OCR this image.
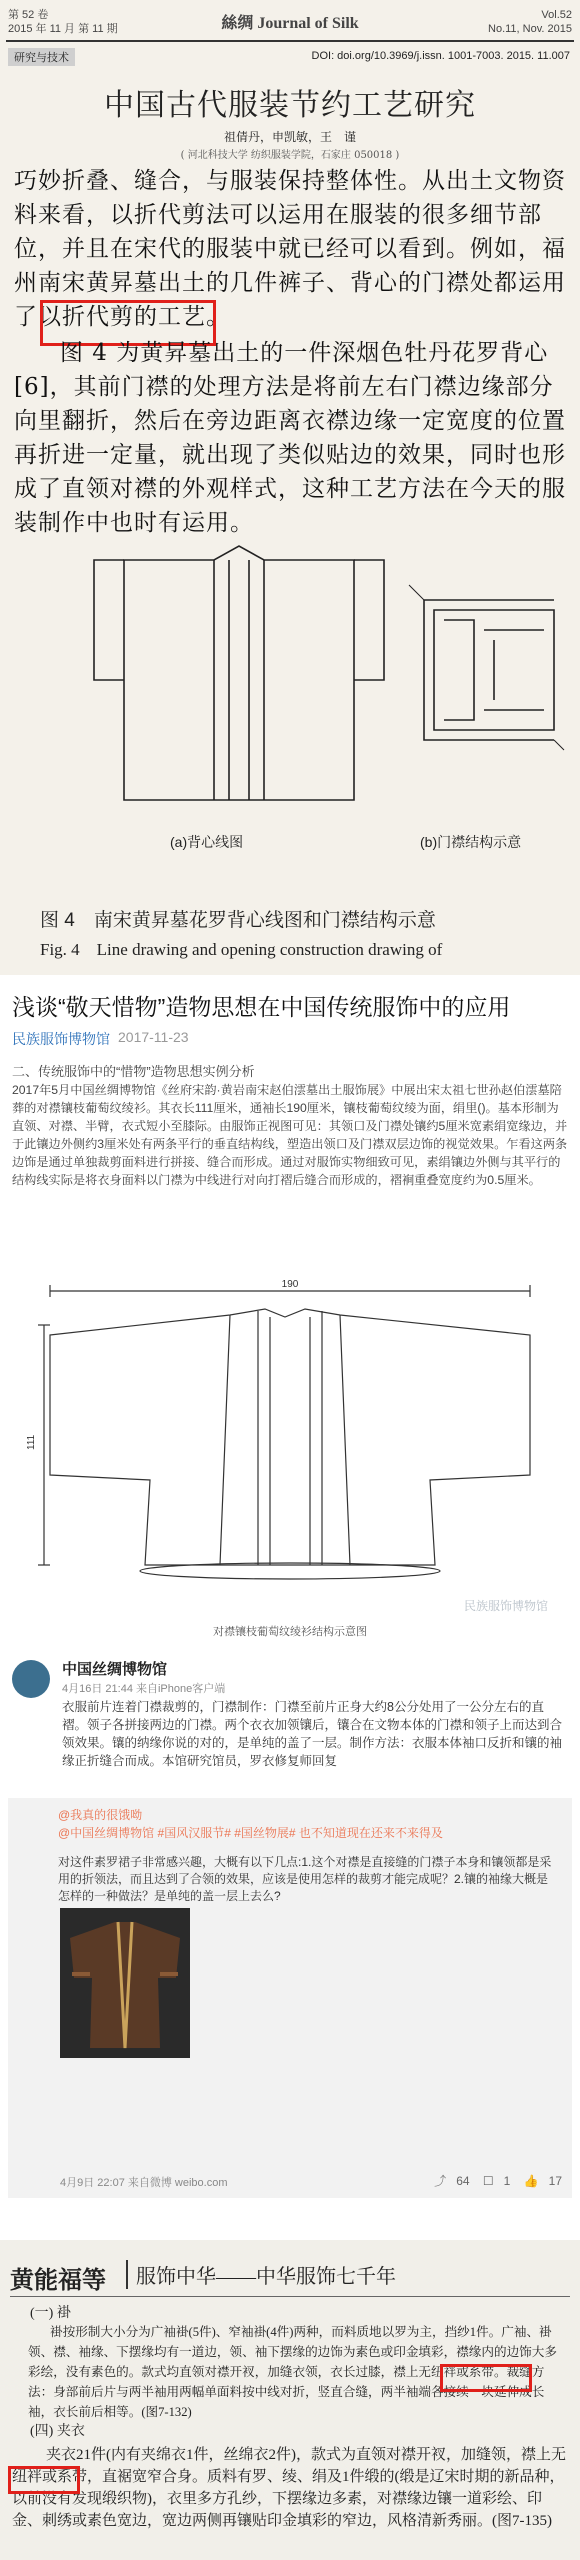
第 52 卷
2015 年 11 月 第 11 期	絲绸 Journal of Silk	Vol.52
No.11, Nov. 2015
研究与技术	DOI: doi.org/10.3969/j.issn. 1001-7003. 2015. 11.007
中国古代服装节约工艺研究
祖倩丹，申凯敏，王　谨
( 河北科技大学 纺织服装学院，石家庄 050018 )
巧妙折叠、缝合，与服装保持整体性。从出土文物资料来看，以折代剪法可以运用在服装的很多细节部位，并且在宋代的服装中就已经可以看到。例如，福州南宋黄昇墓出土的几件裤子、背心的门襟处都运用了以折代剪的工艺。
图 4 为黄昇墓出土的一件深烟色牡丹花罗背心[6]，其前门襟的处理方法是将前左右门襟边缘部分向里翻折，然后在旁边距离衣襟边缘一定宽度的位置再折进一定量，就出现了类似贴边的效果，同时也形成了直领对襟的外观样式，这种工艺方法在今天的服装制作中也时有运用。
(a)背心线图	(b)门襟结构示意
图 4　南宋黄昇墓花罗背心线图和门襟结构示意
Fig. 4　Line drawing and opening construction drawing of
浅谈“敬天惜物”造物思想在中国传统服饰中的应用
民族服饰博物馆 2017-11-23
二、传统服饰中的“惜物”造物思想实例分析
2017年5月中国丝绸博物馆《丝府宋韵·黄岩南宋赵伯澐墓出土服饰展》中展出宋太祖七世孙赵伯澐墓陪葬的对襟镶枝葡萄纹绫衫。其衣长111厘米，通袖长190厘米，镶枝葡萄纹绫为面，绢里()。基本形制为直领、对襟、半臂，衣式短小至膝际。由服饰正视图可见：其领口及门襟处镶约5厘米宽素绢宽缘边，并于此镶边外侧约3厘米处有两条平行的垂直结构线，塑造出领口及门襟双层边饰的视觉效果。乍看这两条边饰是通过单独裁剪面料进行拼接、缝合而形成。通过对服饰实物细致可见，素绢镶边外侧与其平行的结构线实际是将衣身面料以门襟为中线进行对向打褶后缝合而形成的，褶裥重叠宽度约为0.5厘米。
190
111
民族服饰博物馆
对襟镶枝葡萄纹绫衫结构示意图
中国丝绸博物馆
4月16日 21:44 来自iPhone客户端
衣服前片连着门襟裁剪的，门襟制作：门襟至前片正身大约8公分处用了一公分左右的直褶。领子各拼接两边的门襟。两个衣衣加领镶后，镶合在文物本体的门襟和领子上而达到合领效果。镶的纳缘你说的对的，是单纯的盖了一层。制作方法：衣服本体袖口反折和镶的袖缘正折缝合而成。本馆研究馆员，罗衣修复师回复
@我真的很饿呦
@中国丝绸博物馆 #国风汉服节# #国丝物展# 也不知道现在还来不来得及
对这件素罗裙子非常感兴趣，大概有以下几点:1.这个对襟是直接缝的门襟子本身和镶领都是采用的折领法，而且达到了合领的效果，应该是使用怎样的裁剪才能完成呢？2.镶的袖缘大概是怎样的一种做法？是单纯的盖一层上去么?
4月9日 22:07 来自微博 weibo.com	⤴ 64 ☐ 1 👍 17
黄能福等	服饰中华——中华服饰七千年
(一) 褂
褂按形制大小分为广袖褂(5件)、窄袖褂(4件)两种，而料质地以罗为主，挡纱1件。广袖、褂领、襟、袖缘、下摆缘均有一道边，领、袖下摆缘的边饰为素色或印金填彩，襟缘内的边饰大多彩绘，没有素色的。款式均直领对襟开衩，加缝衣领，衣长过膝，襟上无纽袢或系带。裁缝方法：身部前后片与两半袖用两幅单面料按中线对折，竖直合缝，两半袖端各接续一块延伸成长袖，衣长前后相等。(图7-132)
(四) 夹衣
夹衣21件(内有夹绵衣1件，丝绵衣2件)，款式为直领对襟开衩，加缝领，襟上无纽袢或系带，直裾宽窄合身。质料有罗、绫、绢及1件缎的(缎是辽宋时期的新品种，以前没有发现缎织物)，衣里多方孔纱，下摆缘边多素，对襟缘边镶一道彩绘、印金、刺绣或素色宽边，宽边两侧再镶贴印金填彩的窄边，风格清新秀丽。(图7-135)
